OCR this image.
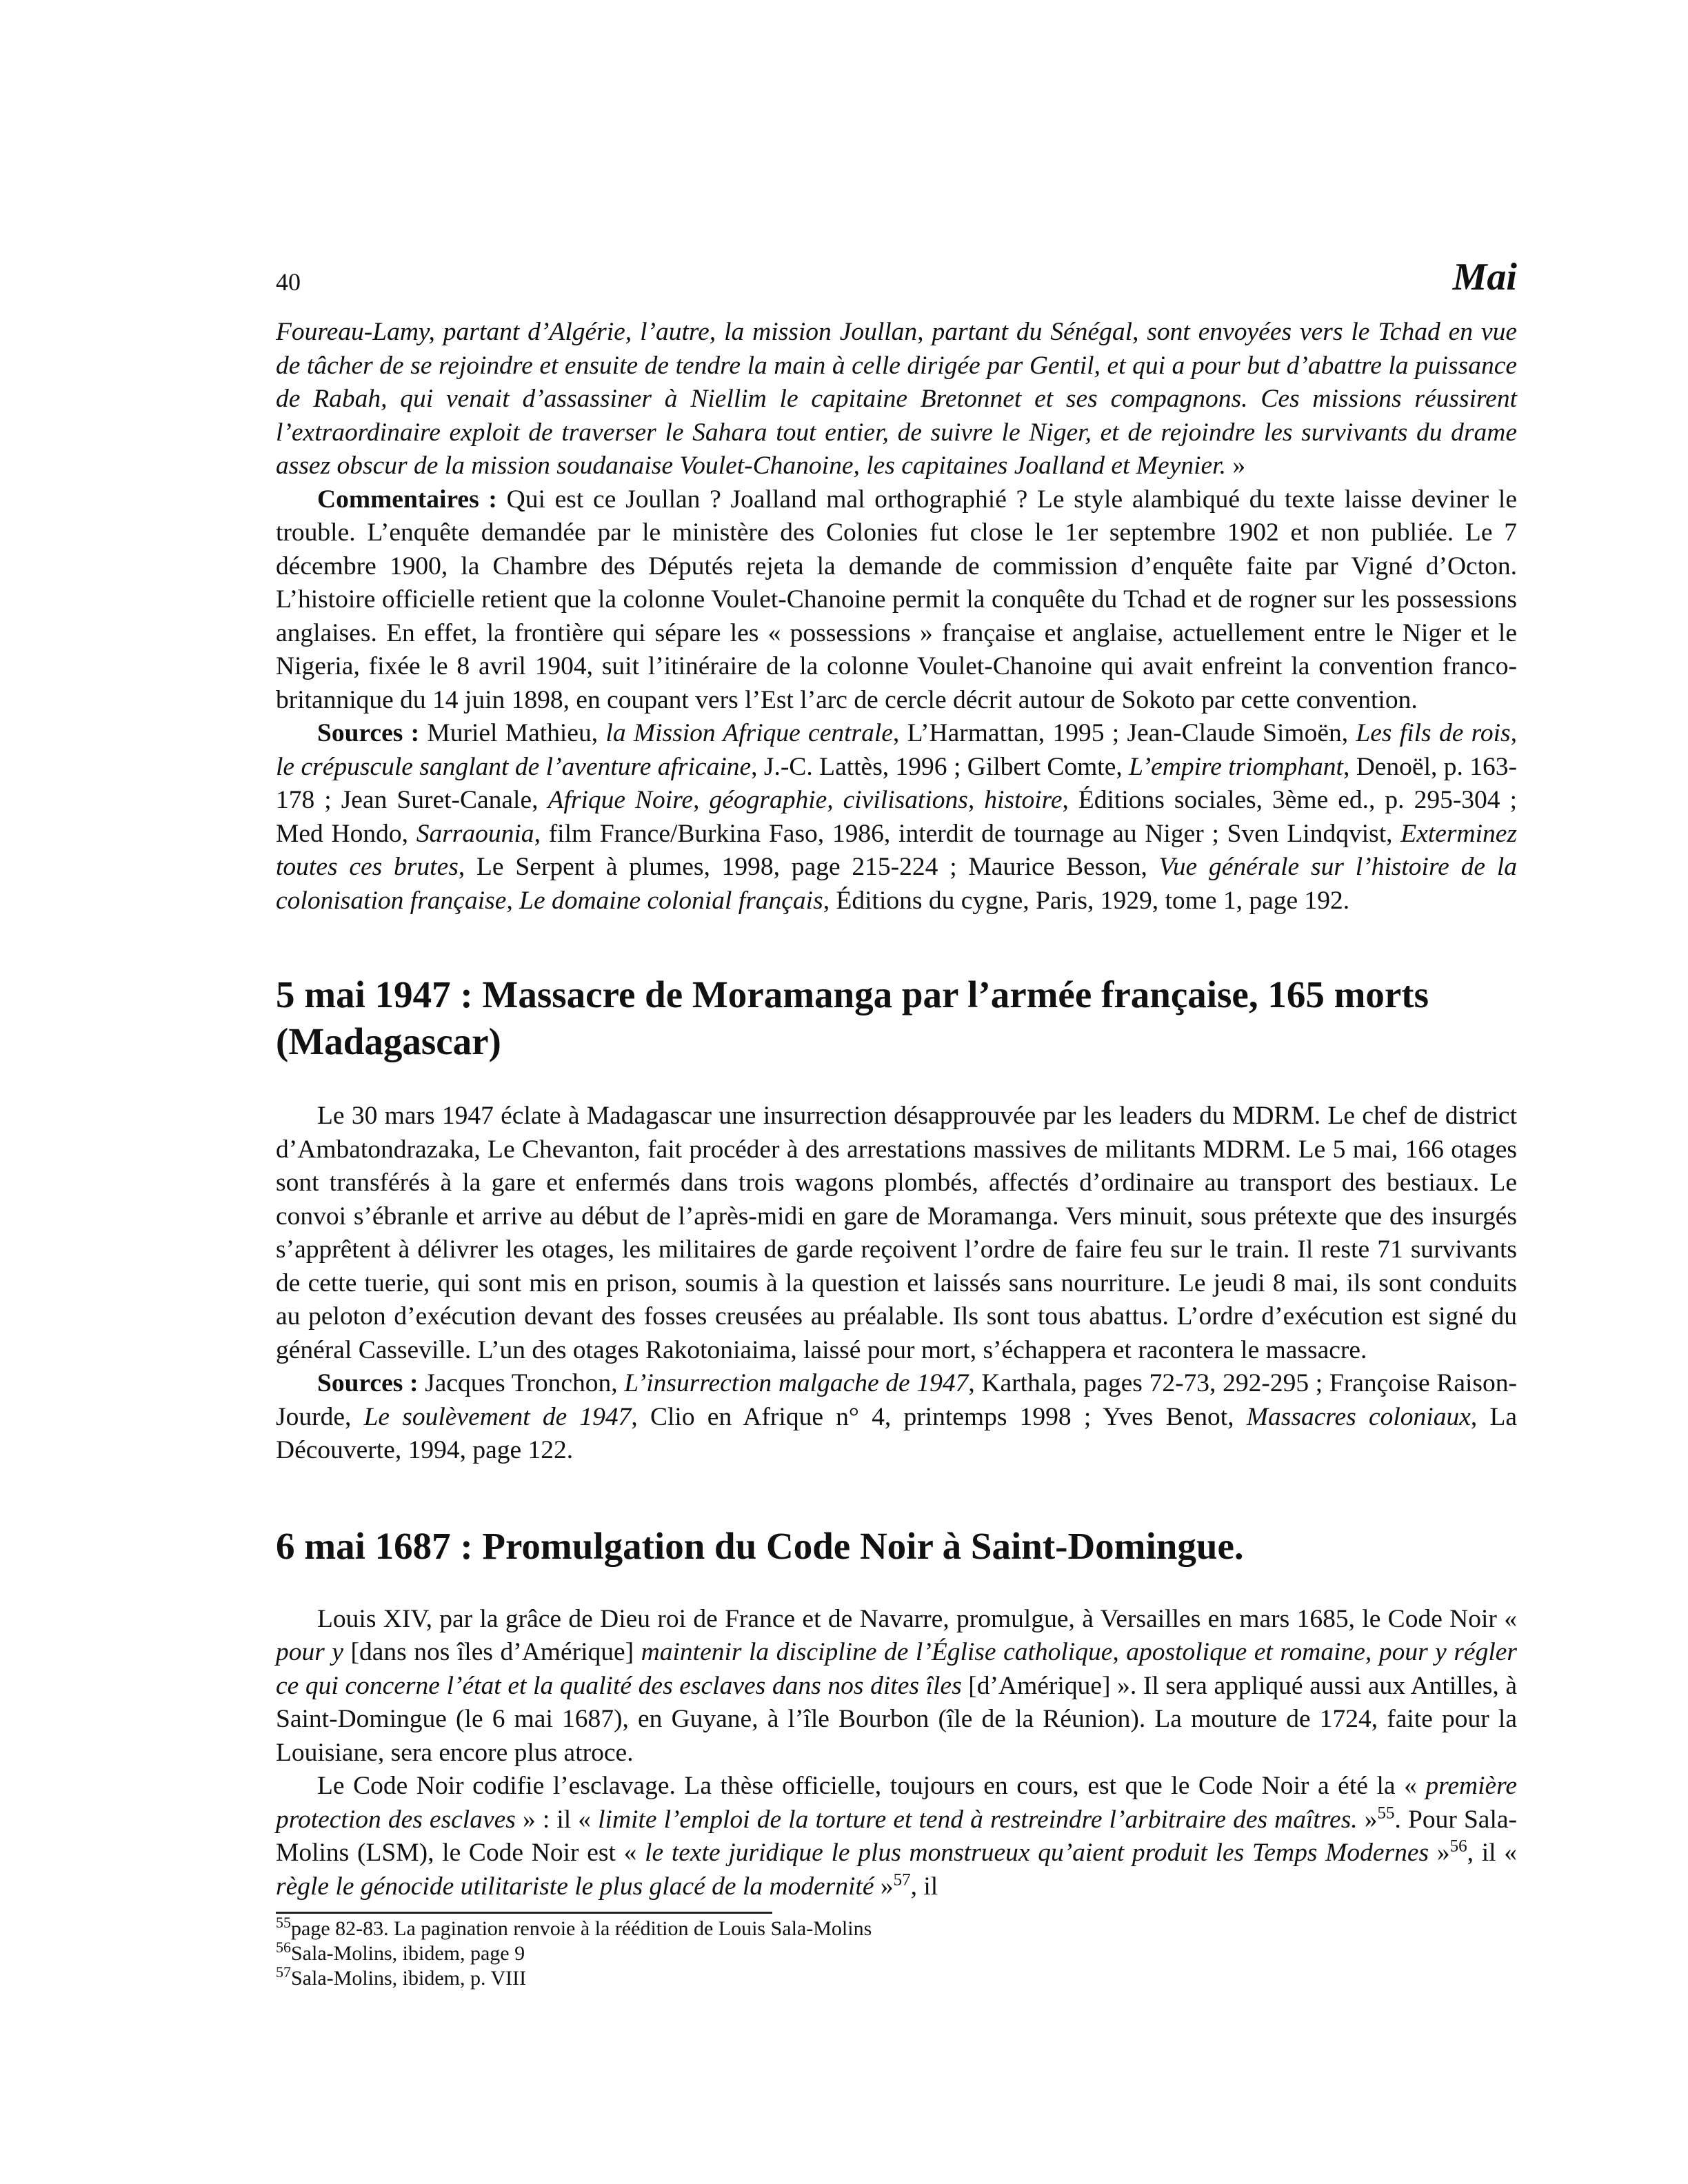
40	Mai

Foureau-Lamy, partant d’Algérie, l’autre, la mission Joullan, partant du Sénégal, sont envoyées vers le Tchad en vue de tâcher de se rejoindre et ensuite de tendre la main à celle dirigée par Gentil, et qui a pour but d’abattre la puissance de Rabah, qui venait d’assassiner à Niellim le capitaine Bretonnet et ses compagnons. Ces missions réussirent l’extraordinaire exploit de traverser le Sahara tout entier, de suivre le Niger, et de rejoindre les survivants du drame assez obscur de la mission soudanaise Voulet-Chanoine, les capitaines Joalland et Meynier. »

Commentaires : Qui est ce Joullan ? Joalland mal orthographié ? Le style alambiqué du texte laisse deviner le trouble. L’enquête demandée par le ministère des Colonies fut close le 1er septembre 1902 et non publiée. Le 7 décembre 1900, la Chambre des Députés rejeta la demande de commission d’enquête faite par Vigné d’Octon. L’histoire officielle retient que la colonne Voulet-Chanoine permit la conquête du Tchad et de rogner sur les possessions anglaises. En effet, la frontière qui sépare les « possessions » française et anglaise, actuellement entre le Niger et le Nigeria, fixée le 8 avril 1904, suit l’itinéraire de la colonne Voulet-Chanoine qui avait enfreint la convention franco-britannique du 14 juin 1898, en coupant vers l’Est l’arc de cercle décrit autour de Sokoto par cette convention.

Sources : Muriel Mathieu, la Mission Afrique centrale, L’Harmattan, 1995 ; Jean-Claude Simoën, Les fils de rois, le crépuscule sanglant de l’aventure africaine, J.-C. Lattès, 1996 ; Gilbert Comte, L’empire triomphant, Denoël, p. 163-178 ; Jean Suret-Canale, Afrique Noire, géographie, civilisations, histoire, Éditions sociales, 3ème ed., p. 295-304 ; Med Hondo, Sarraounia, film France/Burkina Faso, 1986, interdit de tournage au Niger ; Sven Lindqvist, Exterminez toutes ces brutes, Le Serpent à plumes, 1998, page 215-224 ; Maurice Besson, Vue générale sur l’histoire de la colonisation française, Le domaine colonial français, Éditions du cygne, Paris, 1929, tome 1, page 192.

5 mai 1947 : Massacre de Moramanga par l’armée française, 165 morts (Madagascar)

Le 30 mars 1947 éclate à Madagascar une insurrection désapprouvée par les leaders du MDRM. Le chef de district d’Ambatondrazaka, Le Chevanton, fait procéder à des arrestations massives de militants MDRM. Le 5 mai, 166 otages sont transférés à la gare et enfermés dans trois wagons plombés, affectés d’ordinaire au transport des bestiaux. Le convoi s’ébranle et arrive au début de l’après-midi en gare de Moramanga. Vers minuit, sous prétexte que des insurgés s’apprêtent à délivrer les otages, les militaires de garde reçoivent l’ordre de faire feu sur le train. Il reste 71 survivants de cette tuerie, qui sont mis en prison, soumis à la question et laissés sans nourriture. Le jeudi 8 mai, ils sont conduits au peloton d’exécution devant des fosses creusées au préalable. Ils sont tous abattus. L’ordre d’exécution est signé du général Casseville. L’un des otages Rakotoniaima, laissé pour mort, s’échappera et racontera le massacre.

Sources : Jacques Tronchon, L’insurrection malgache de 1947, Karthala, pages 72-73, 292-295 ; Françoise Raison-Jourde, Le soulèvement de 1947, Clio en Afrique n° 4, printemps 1998 ; Yves Benot, Massacres coloniaux, La Découverte, 1994, page 122.

6 mai 1687 : Promulgation du Code Noir à Saint-Domingue.

Louis XIV, par la grâce de Dieu roi de France et de Navarre, promulgue, à Versailles en mars 1685, le Code Noir « pour y [dans nos îles d’Amérique] maintenir la discipline de l’Église catholique, apostolique et romaine, pour y régler ce qui concerne l’état et la qualité des esclaves dans nos dites îles [d’Amérique] ». Il sera appliqué aussi aux Antilles, à Saint-Domingue (le 6 mai 1687), en Guyane, à l’île Bourbon (île de la Réunion). La mouture de 1724, faite pour la Louisiane, sera encore plus atroce.

Le Code Noir codifie l’esclavage. La thèse officielle, toujours en cours, est que le Code Noir a été la « première protection des esclaves » : il « limite l’emploi de la torture et tend à restreindre l’arbitraire des maîtres. »$^{55}$. Pour Sala-Molins (LSM), le Code Noir est « le texte juridique le plus monstrueux qu’aient produit les Temps Modernes »$^{56}$, il « règle le génocide utilitariste le plus glacé de la modernité »$^{57}$, il

$^{55}$page 82-83. La pagination renvoie à la réédition de Louis Sala-Molins
$^{56}$Sala-Molins, ibidem, page 9
$^{57}$Sala-Molins, ibidem, p. VIII
